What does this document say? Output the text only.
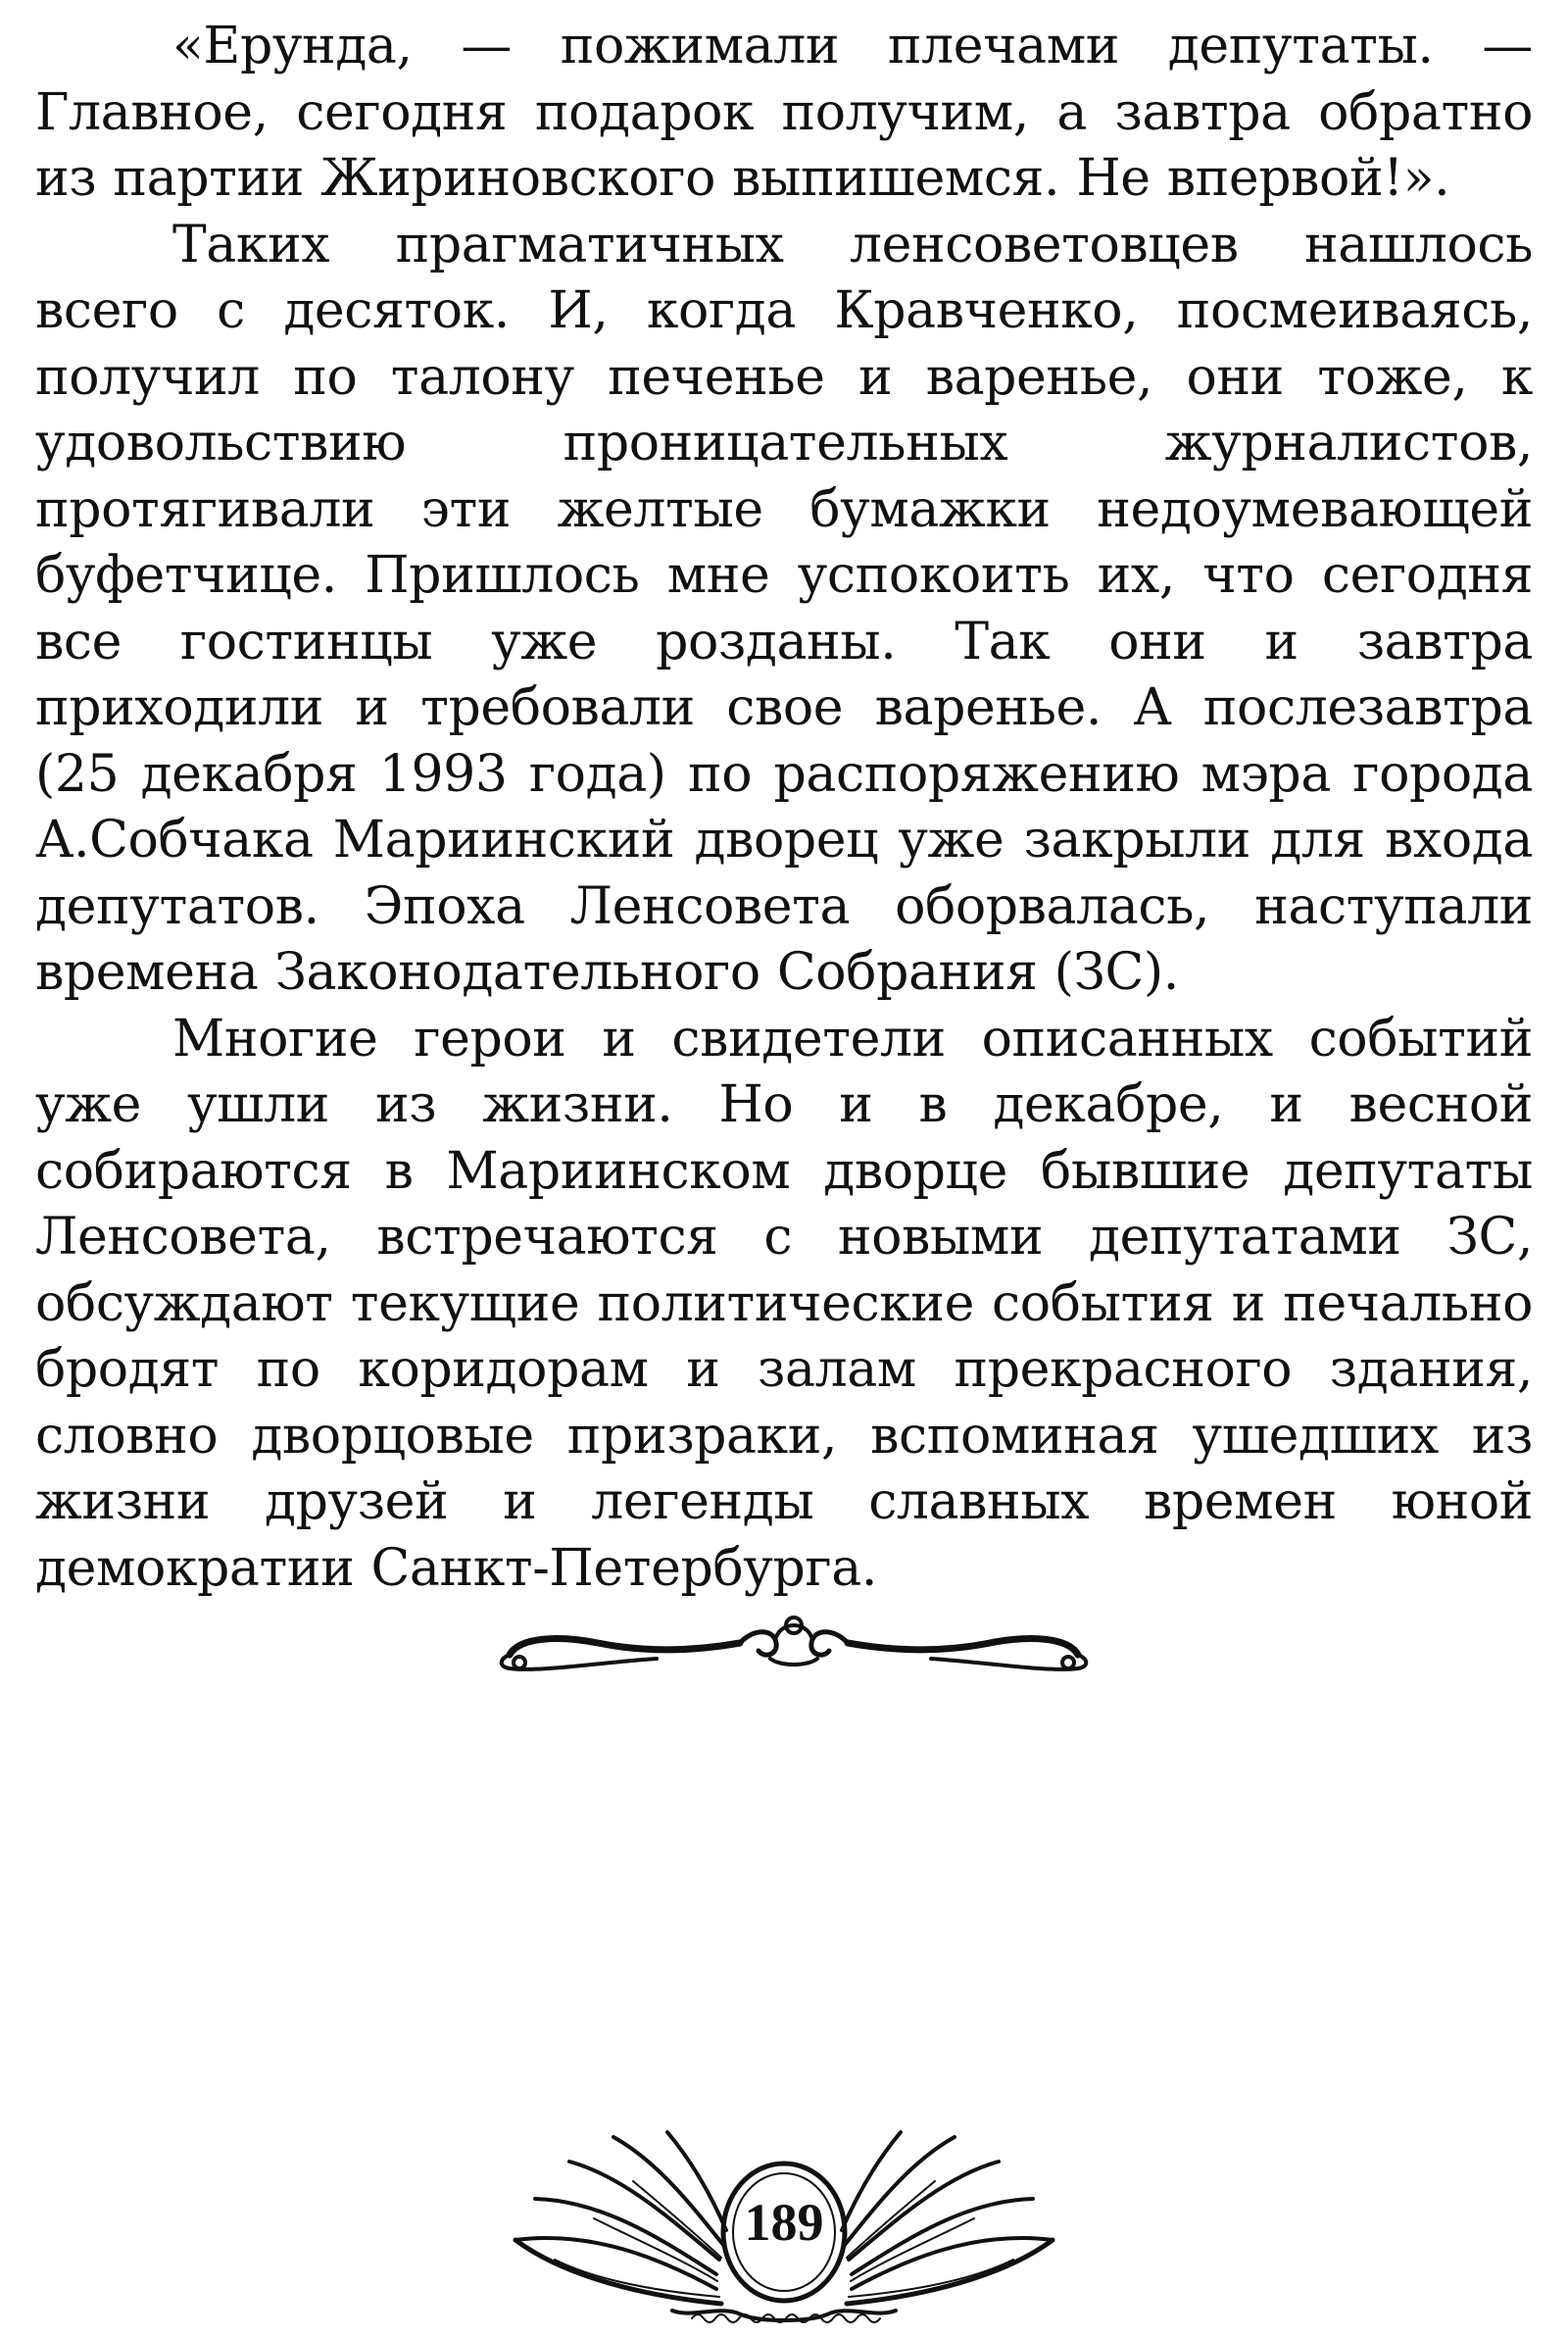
«Ерунда, — пожимали плечами депутаты. — Главное, сегодня подарок получим, а завтра обратно из партии Жириновского выпишемся. Не впервой!».

Таких прагматичных ленсоветовцев нашлось всего с десяток. И, когда Кравченко, посмеиваясь, получил по талону печенье и варенье, они тоже, к удовольствию проницательных журналистов, протягивали эти желтые бумажки недоумевающей буфетчице. Пришлось мне успокоить их, что сегодня все гостинцы уже розданы. Так они и завтра приходили и требовали свое варенье. А послезавтра (25 декабря 1993 года) по распоряжению мэра города А.Собчака Мариинский дворец уже закрыли для входа депутатов. Эпоха Ленсовета оборвалась, наступали времена Законодательного Собрания (ЗС).

Многие герои и свидетели описанных событий уже ушли из жизни. Но и в декабре, и весной собираются в Мариинском дворце бывшие депутаты Ленсовета, встречаются с новыми депутатами ЗС, обсуждают текущие политические события и печально бродят по коридорам и залам прекрасного здания, словно дворцовые призраки, вспоминая ушедших из жизни друзей и легенды славных времен юной демократии Санкт-Петербурга.

189
